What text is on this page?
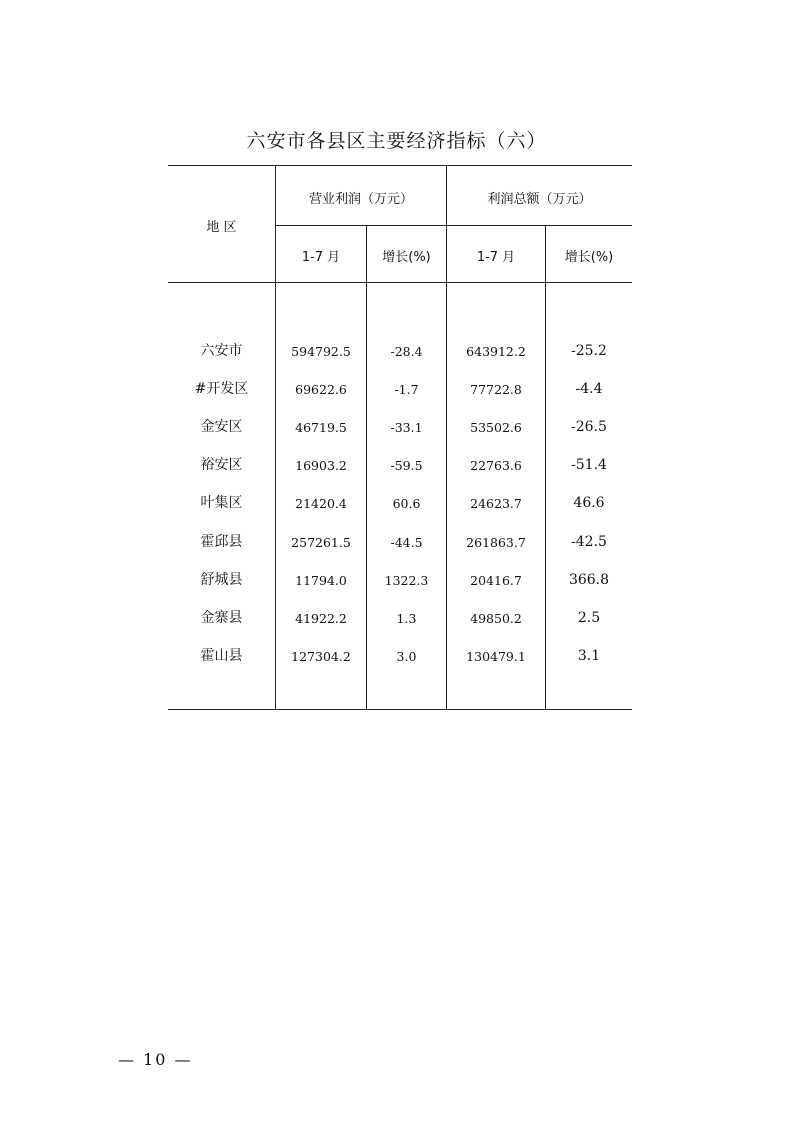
六安市各县区主要经济指标（六）
地 区
营业利润（万元）	利润总额（万元）
1-7 月	增长(%)	1-7 月	增长(%)
六安市	594792.5	-28.4	643912.2	-25.2
#开发区	69622.6	-1.7	77722.8	-4.4
金安区	46719.5	-33.1	53502.6	-26.5
裕安区	16903.2	-59.5	22763.6	-51.4
叶集区	21420.4	60.6	24623.7	46.6
霍邱县	257261.5	-44.5	261863.7	-42.5
舒城县	11794.0	1322.3	20416.7	366.8
金寨县	41922.2	1.3	49850.2	2.5
霍山县	127304.2	3.0	130479.1	3.1
— 10 —
